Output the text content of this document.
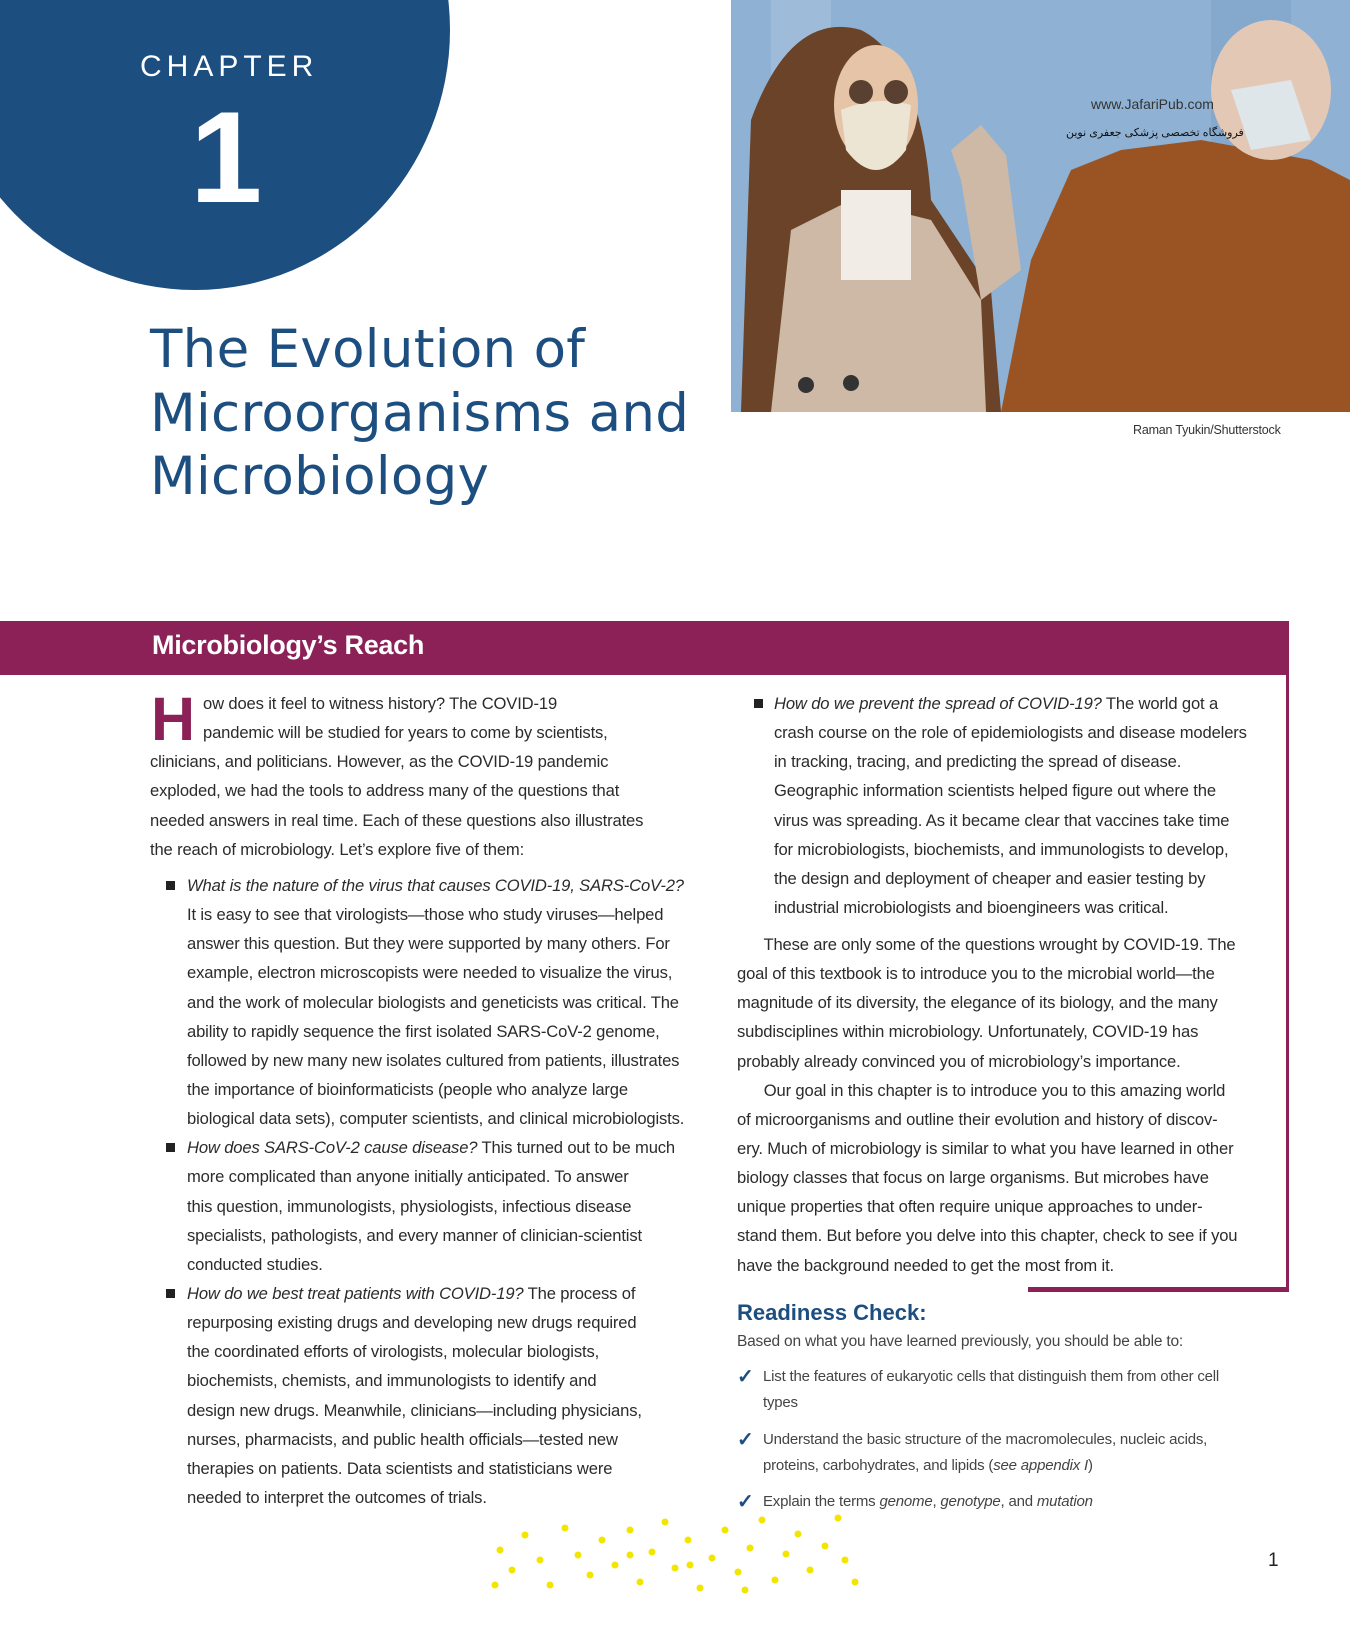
CHAPTER
1
The Evolution of
Microorganisms and
Microbiology
www.JafariPub.com
فروشگاه تخصصی پزشکی جعفری نوین
Raman Tyukin/Shutterstock
Microbiology’s Reach
H ow does it feel to witness history? The COVID-19
pandemic will be studied for years to come by scientists,
clinicians, and politicians. However, as the COVID-19 pandemic
exploded, we had the tools to address many of the questions that
needed answers in real time. Each of these questions also illustrates
the reach of microbiology. Let’s explore five of them:
What is the nature of the virus that causes COVID-19, SARS-CoV-2?
It is easy to see that virologists—those who study viruses—helped
answer this question. But they were supported by many others. For
example, electron microscopists were needed to visualize the virus,
and the work of molecular biologists and geneticists was critical. The
ability to rapidly sequence the first isolated SARS-CoV-2 genome,
followed by new many new isolates cultured from patients, illustrates
the importance of bioinformaticists (people who analyze large
biological data sets), computer scientists, and clinical microbiologists.
How does SARS-CoV-2 cause disease? This turned out to be much
more complicated than anyone initially anticipated. To answer
this question, immunologists, physiologists, infectious disease
specialists, pathologists, and every manner of clinician-scientist
conducted studies.
How do we best treat patients with COVID-19? The process of
repurposing existing drugs and developing new drugs required
the coordinated efforts of virologists, molecular biologists,
biochemists, chemists, and immunologists to identify and
design new drugs. Meanwhile, clinicians—including physicians,
nurses, pharmacists, and public health officials—tested new
therapies on patients. Data scientists and statisticians were
needed to interpret the outcomes of trials.
How do we prevent the spread of COVID-19? The world got a
crash course on the role of epidemiologists and disease modelers
in tracking, tracing, and predicting the spread of disease.
Geographic information scientists helped figure out where the
virus was spreading. As it became clear that vaccines take time
for microbiologists, biochemists, and immunologists to develop,
the design and deployment of cheaper and easier testing by
industrial microbiologists and bioengineers was critical.
These are only some of the questions wrought by COVID-19. The
goal of this textbook is to introduce you to the microbial world—the
magnitude of its diversity, the elegance of its biology, and the many
subdisciplines within microbiology. Unfortunately, COVID-19 has
probably already convinced you of microbiology’s importance.
Our goal in this chapter is to introduce you to this amazing world
of microorganisms and outline their evolution and history of discov-
ery. Much of microbiology is similar to what you have learned in other
biology classes that focus on large organisms. But microbes have
unique properties that often require unique approaches to under-
stand them. But before you delve into this chapter, check to see if you
have the background needed to get the most from it.
Readiness Check:
Based on what you have learned previously, you should be able to:
✓ List the features of eukaryotic cells that distinguish them from other cell
types
✓ Understand the basic structure of the macromolecules, nucleic acids,
proteins, carbohydrates, and lipids (see appendix I)
✓ Explain the terms genome, genotype, and mutation
1
